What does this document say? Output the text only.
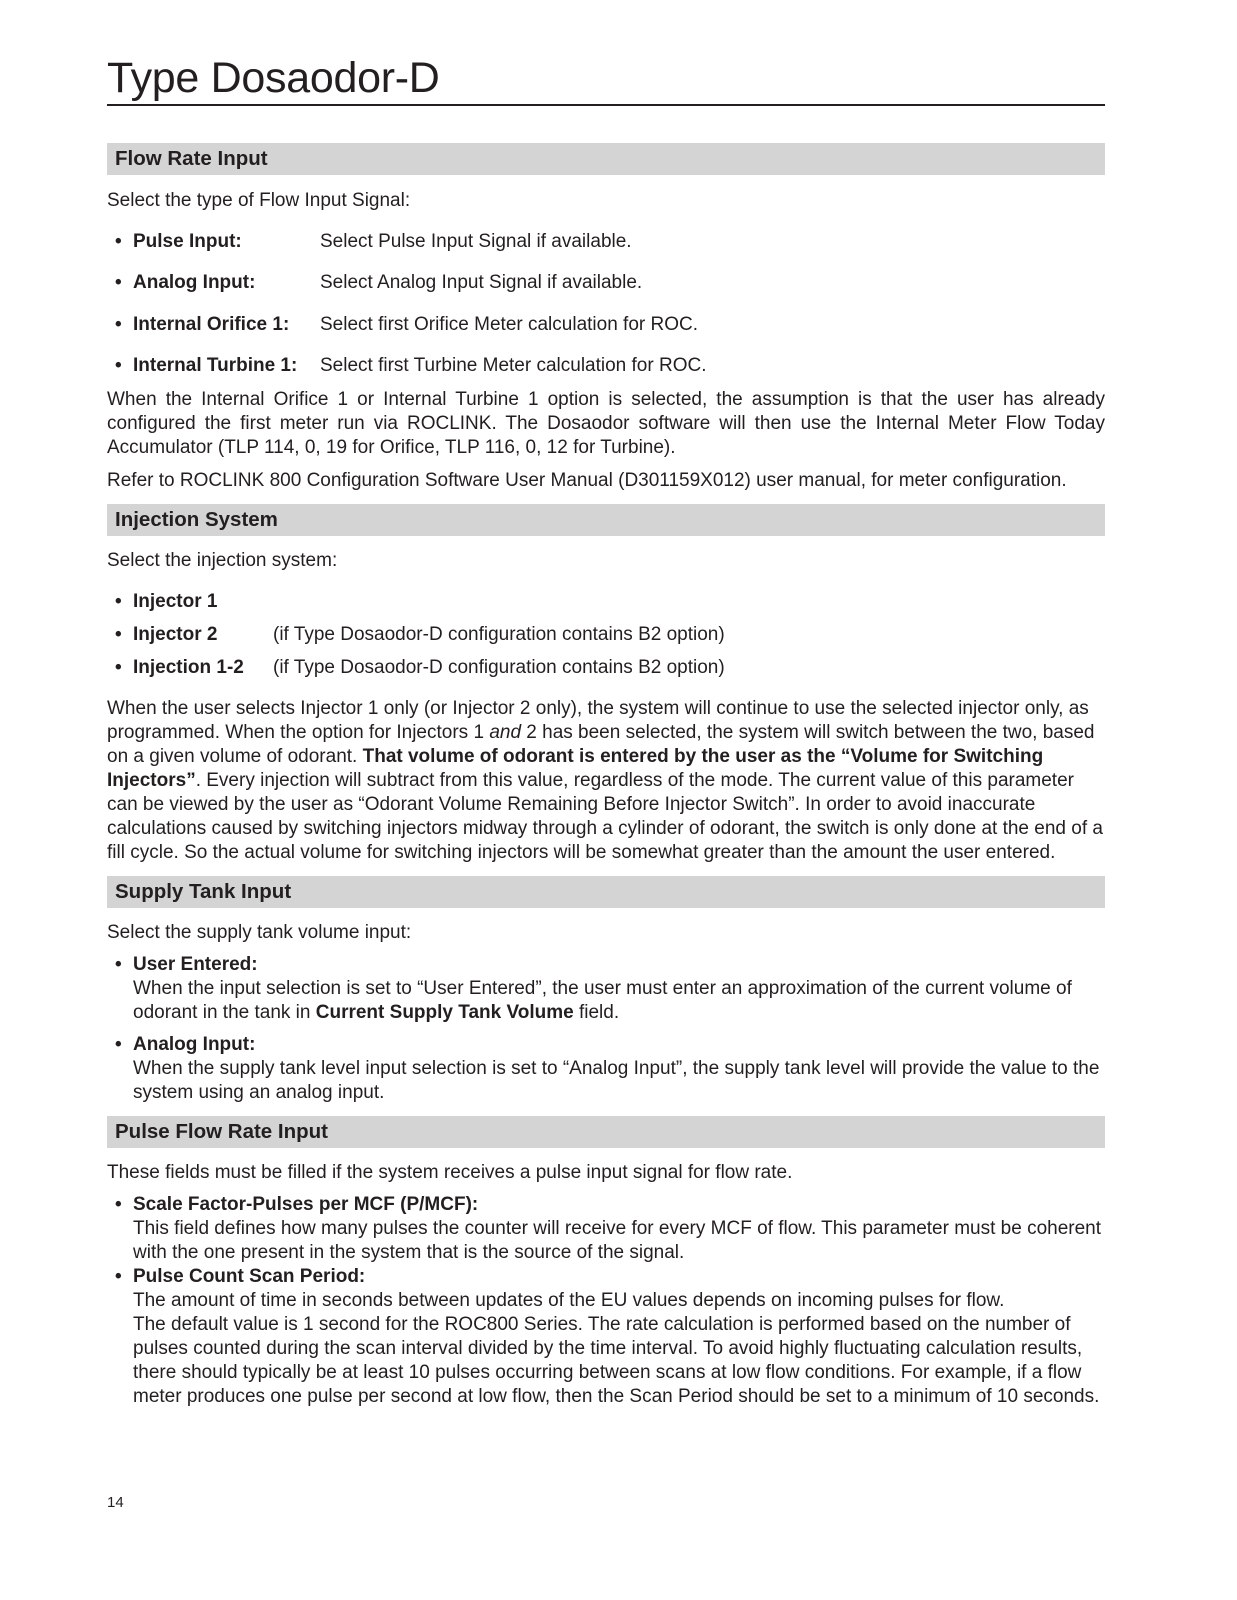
Type Dosaodor-D
Flow Rate Input

Select the type of Flow Input Signal:

• Pulse Input:	Select Pulse Input Signal if available.
• Analog Input:	Select Analog Input Signal if available.
• Internal Orifice 1: Select first Orifice Meter calculation for ROC.
• Internal Turbine 1: Select first Turbine Meter calculation for ROC.

When the Internal Orifice 1 or Internal Turbine 1 option is selected, the assumption is that the user has already configured the first meter run via ROCLINK. The Dosaodor software will then use the Internal Meter Flow Today Accumulator (TLP 114, 0, 19 for Orifice, TLP 116, 0, 12 for Turbine).

Refer to ROCLINK 800 Configuration Software User Manual (D301159X012) user manual, for meter configuration.

Injection System

Select the injection system:

• Injector 1
• Injector 2	(if Type Dosaodor-D configuration contains B2 option)
• Injection 1-2 (if Type Dosaodor-D configuration contains B2 option)

When the user selects Injector 1 only (or Injector 2 only), the system will continue to use the selected injector only, as programmed. When the option for Injectors 1 and 2 has been selected, the system will switch between the two, based on a given volume of odorant. That volume of odorant is entered by the user as the “Volume for Switching Injectors”. Every injection will subtract from this value, regardless of the mode. The current value of this parameter can be viewed by the user as “Odorant Volume Remaining Before Injector Switch”. In order to avoid inaccurate calculations caused by switching injectors midway through a cylinder of odorant, the switch is only done at the end of a fill cycle. So the actual volume for switching injectors will be somewhat greater than the amount the user entered.

Supply Tank Input

Select the supply tank volume input:

• User Entered:
When the input selection is set to “User Entered”, the user must enter an approximation of the current volume of odorant in the tank in Current Supply Tank Volume field.
• Analog Input:
When the supply tank level input selection is set to “Analog Input”, the supply tank level will provide the value to the system using an analog input.
Pulse Flow Rate Input

These fields must be filled if the system receives a pulse input signal for flow rate.

• Scale Factor-Pulses per MCF (P/MCF):
This field defines how many pulses the counter will receive for every MCF of flow. This parameter must be coherent with the one present in the system that is the source of the signal.
• Pulse Count Scan Period:
The amount of time in seconds between updates of the EU values depends on incoming pulses for flow.
The default value is 1 second for the ROC800 Series. The rate calculation is performed based on the number of pulses counted during the scan interval divided by the time interval. To avoid highly fluctuating calculation results, there should typically be at least 10 pulses occurring between scans at low flow conditions. For example, if a flow meter produces one pulse per second at low flow, then the Scan Period should be set to a minimum of 10 seconds.
14
